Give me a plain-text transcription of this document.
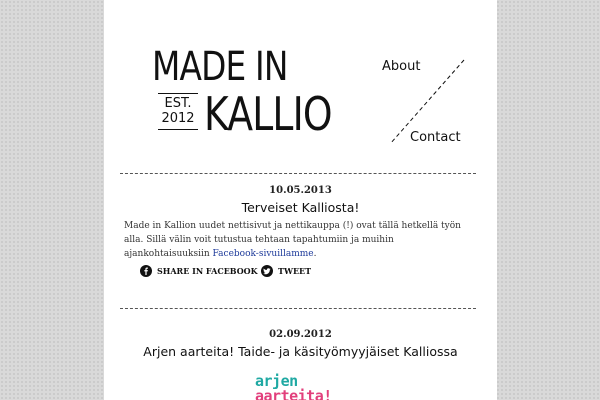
MADE IN
EST.
2012 KALLIO
About
Contact
10.05.2013
Terveiset Kalliosta!
Made in Kallion uudet nettisivut ja nettikauppa (!) ovat tällä hetkellä työn alla. Sillä välin voit tutustua tehtaan tapahtumiin ja muihin ajankohtaisuuksiin Facebook-sivuillamme.
SHARE IN FACEBOOK	TWEET
02.09.2012
Arjen aarteita! Taide- ja käsityömyyjäiset Kalliossa
arjen
aarteita!
